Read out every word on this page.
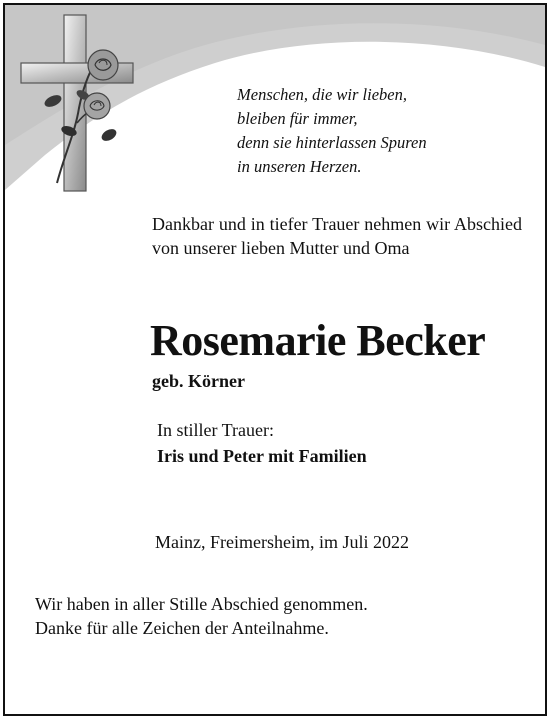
Menschen, die wir lieben,
bleiben für immer,
denn sie hinterlassen Spuren
in unseren Herzen.
Dankbar und in tiefer Trauer nehmen wir Abschied von unserer lieben Mutter und Oma
Rosemarie Becker
geb. Körner
In stiller Trauer:
Iris und Peter mit Familien
Mainz, Freimersheim, im Juli 2022
Wir haben in aller Stille Abschied genommen.
Danke für alle Zeichen der Anteilnahme.
